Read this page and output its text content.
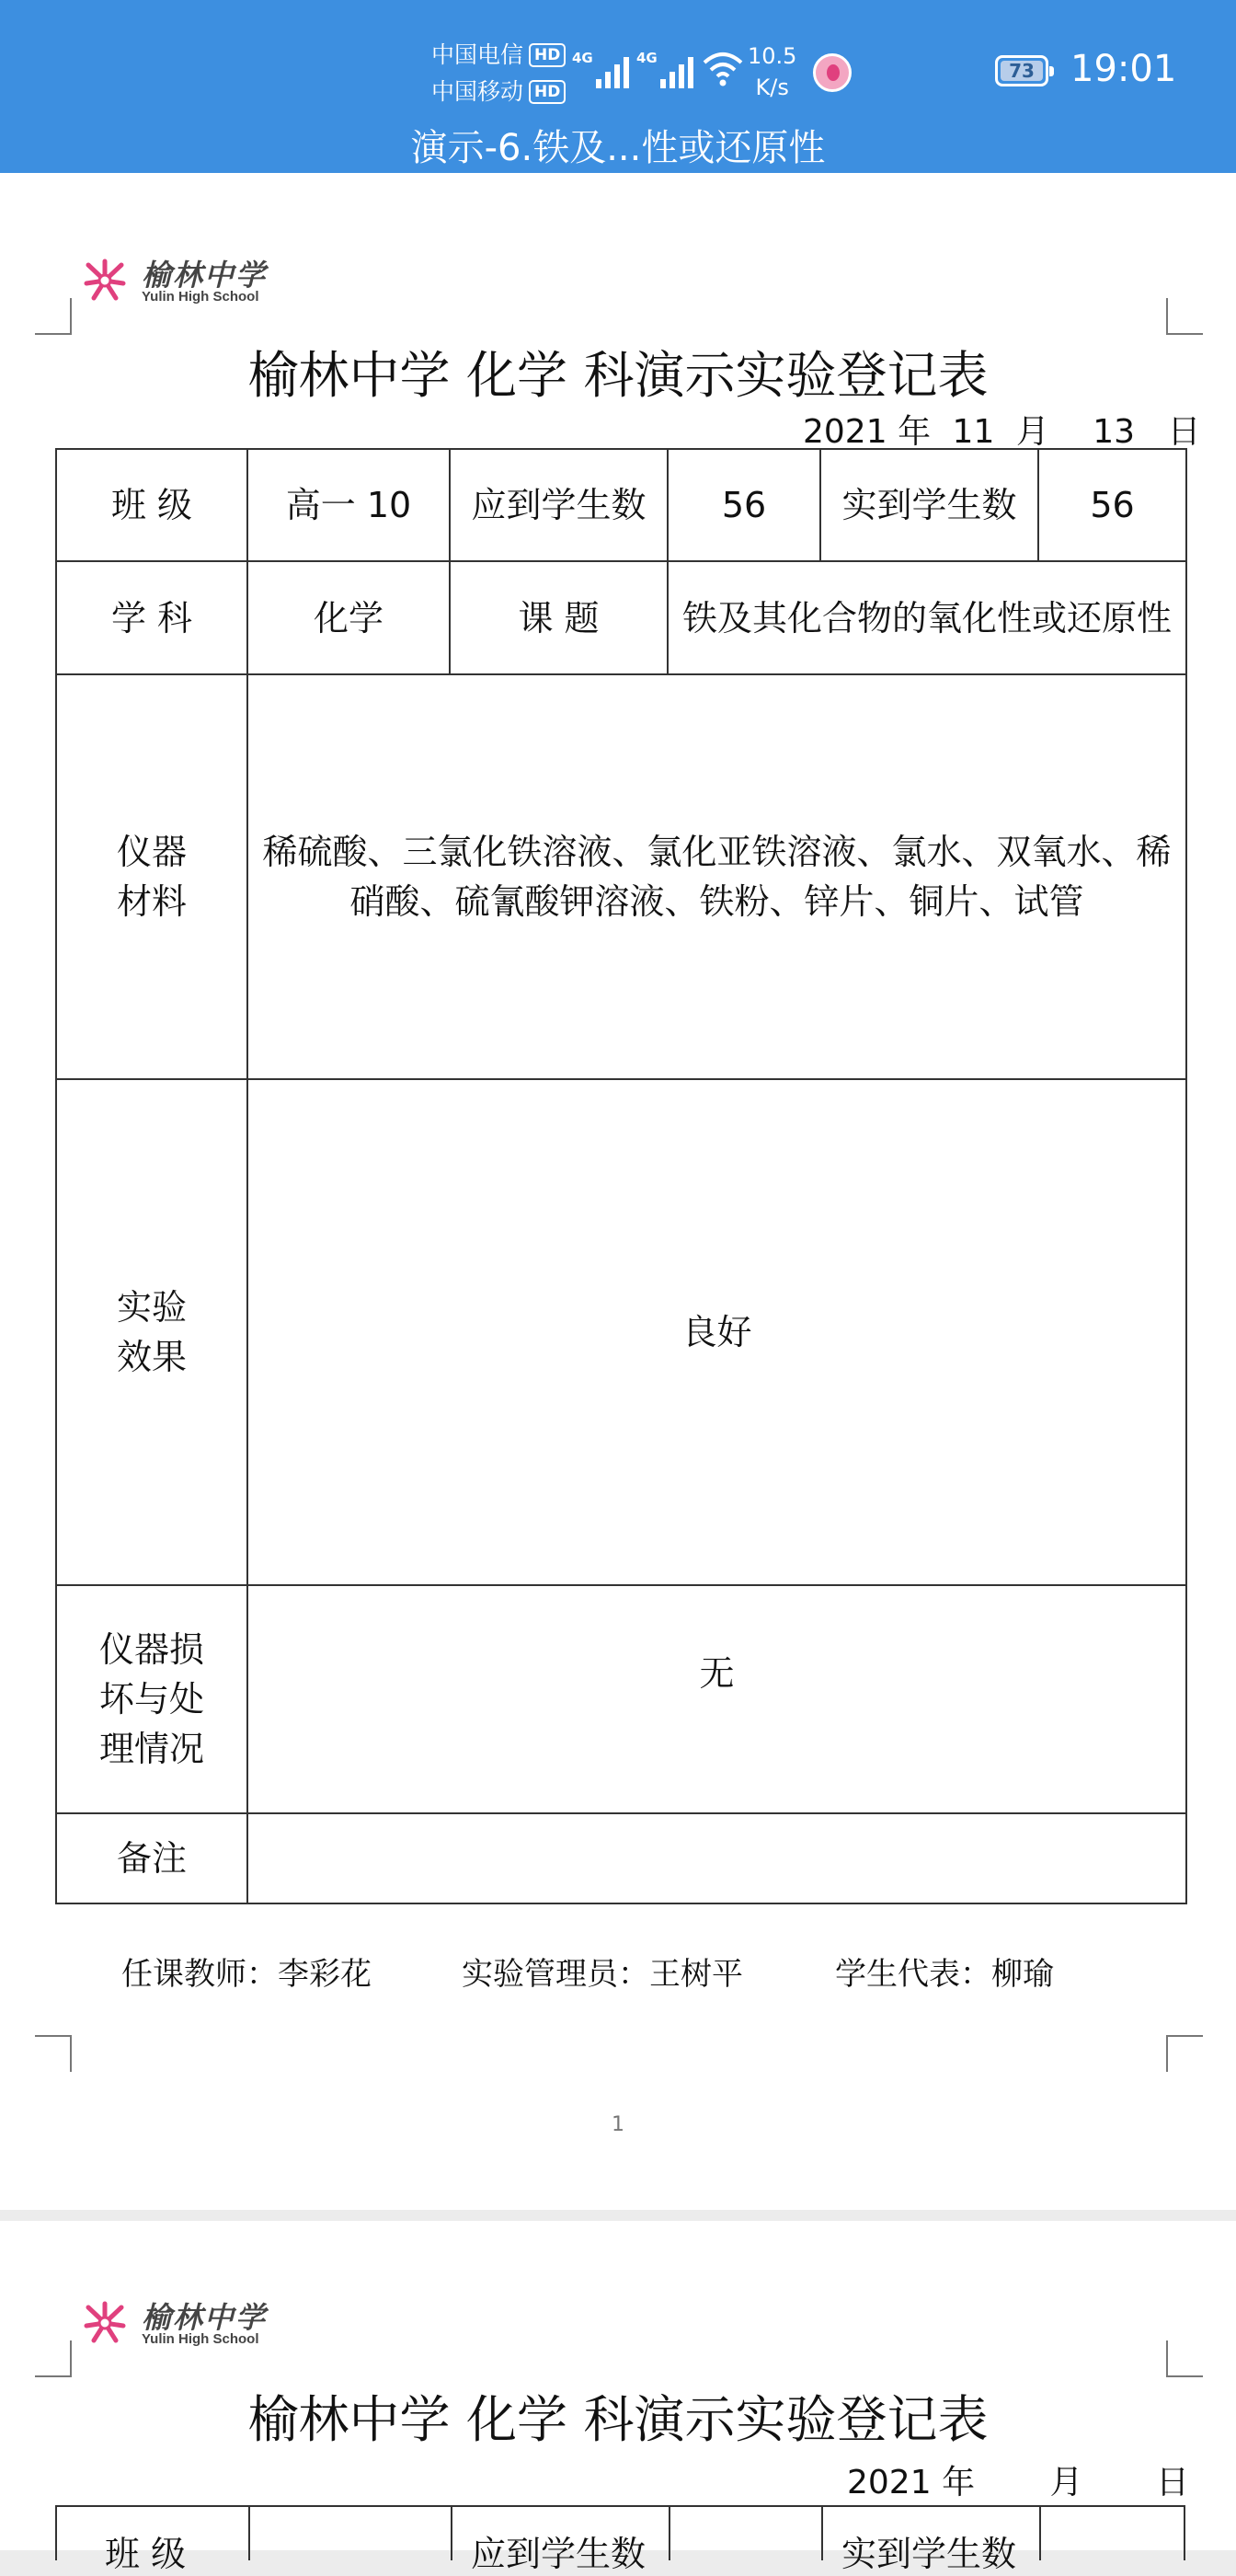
中国电信 HD
中国移动 HD
4G	4G	10.5
K/s
73 19:01
演示-6.铁及...性或还原性
榆林中学
Yulin High School
榆林中学 化学 科演示实验登记表
2021 年 11 月 13 日
班 级	高一 10	应到学生数	56	实到学生数	56
学 科	化学	课 题	铁及其化合物的氧化性或还原性		
仪器材料	稀硫酸、三氯化铁溶液、氯化亚铁溶液、氯水、双氧水、稀硝酸、硫氰酸钾溶液、铁粉、锌片、铜片、试管				
实验效果	良好				
仪器损坏与处理情况	无				
备注					
任课教师：李彩花	实验管理员：王树平	学生代表：柳瑜
1
榆林中学
Yulin High School
榆林中学 化学 科演示实验登记表
2021 年 月 日
班 级	应到学生数	实到学生数
